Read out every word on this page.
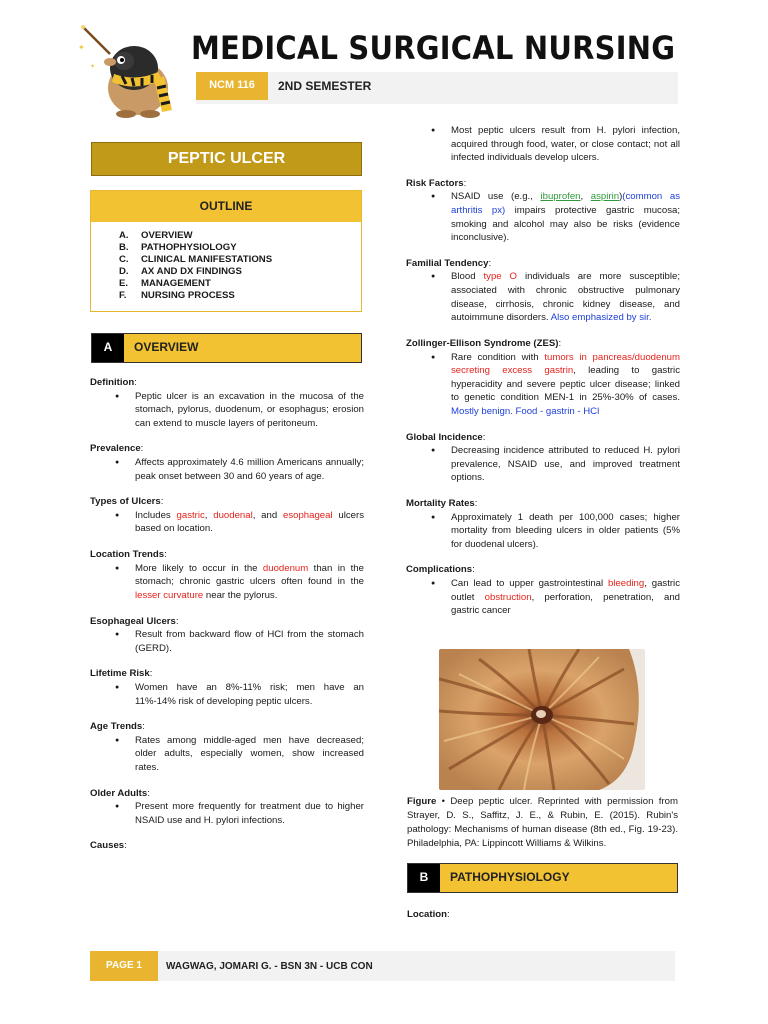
✦
✦
MEDICAL SURGICAL NURSING
NCM 116	2ND SEMESTER
PEPTIC ULCER
OUTLINE
A.	OVERVIEW
B.	PATHOPHYSIOLOGY
C.	CLINICAL MANIFESTATIONS
D.	AX AND DX FINDINGS
E.	MANAGEMENT
F.	NURSING PROCESS
A	OVERVIEW
Definition:
● Peptic ulcer is an excavation in the mucosa of the stomach, pylorus, duodenum, or esophagus; erosion can extend to muscle layers of peritoneum.
Prevalence:
● Affects approximately 4.6 million Americans annually; peak onset between 30 and 60 years of age.
Types of Ulcers:
● Includes gastric, duodenal, and esophageal ulcers based on location.
Location Trends:
● More likely to occur in the duodenum than in the stomach; chronic gastric ulcers often found in the lesser curvature near the pylorus.
Esophageal Ulcers:
● Result from backward flow of HCl from the stomach (GERD).
Lifetime Risk:
● Women have an 8%-11% risk; men have an 11%-14% risk of developing peptic ulcers.
Age Trends:
● Rates among middle-aged men have decreased; older adults, especially women, show increased rates.
Older Adults:
● Present more frequently for treatment due to higher NSAID use and H. pylori infections.
Causes:
● Most peptic ulcers result from H. pylori infection, acquired through food, water, or close contact; not all infected individuals develop ulcers.
Risk Factors:
● NSAID use (e.g., ibuprofen, aspirin)(common as arthritis px) impairs protective gastric mucosa; smoking and alcohol may also be risks (evidence inconclusive).
Familial Tendency:
● Blood type O individuals are more susceptible; associated with chronic obstructive pulmonary disease, cirrhosis, chronic kidney disease, and autoimmune disorders. Also emphasized by sir.
Zollinger-Ellison Syndrome (ZES):
● Rare condition with tumors in pancreas/duodenum secreting excess gastrin, leading to gastric hyperacidity and severe peptic ulcer disease; linked to genetic condition MEN-1 in 25%-30% of cases. Mostly benign. Food - gastrin - HCl
Global Incidence:
● Decreasing incidence attributed to reduced H. pylori prevalence, NSAID use, and improved treatment options.
Mortality Rates:
● Approximately 1 death per 100,000 cases; higher mortality from bleeding ulcers in older patients (5% for duodenal ulcers).
Complications:
● Can lead to upper gastrointestinal bleeding, gastric outlet obstruction, perforation, penetration, and gastric cancer
Figure • Deep peptic ulcer. Reprinted with permission from Strayer, D. S., Saffitz, J. E., & Rubin, E. (2015). Rubin's pathology: Mechanisms of human disease (8th ed., Fig. 19-23). Philadelphia, PA: Lippincott Williams & Wilkins.
B	PATHOPHYSIOLOGY
Location:
PAGE 1	WAGWAG, JOMARI G. - BSN 3N - UCB CON
